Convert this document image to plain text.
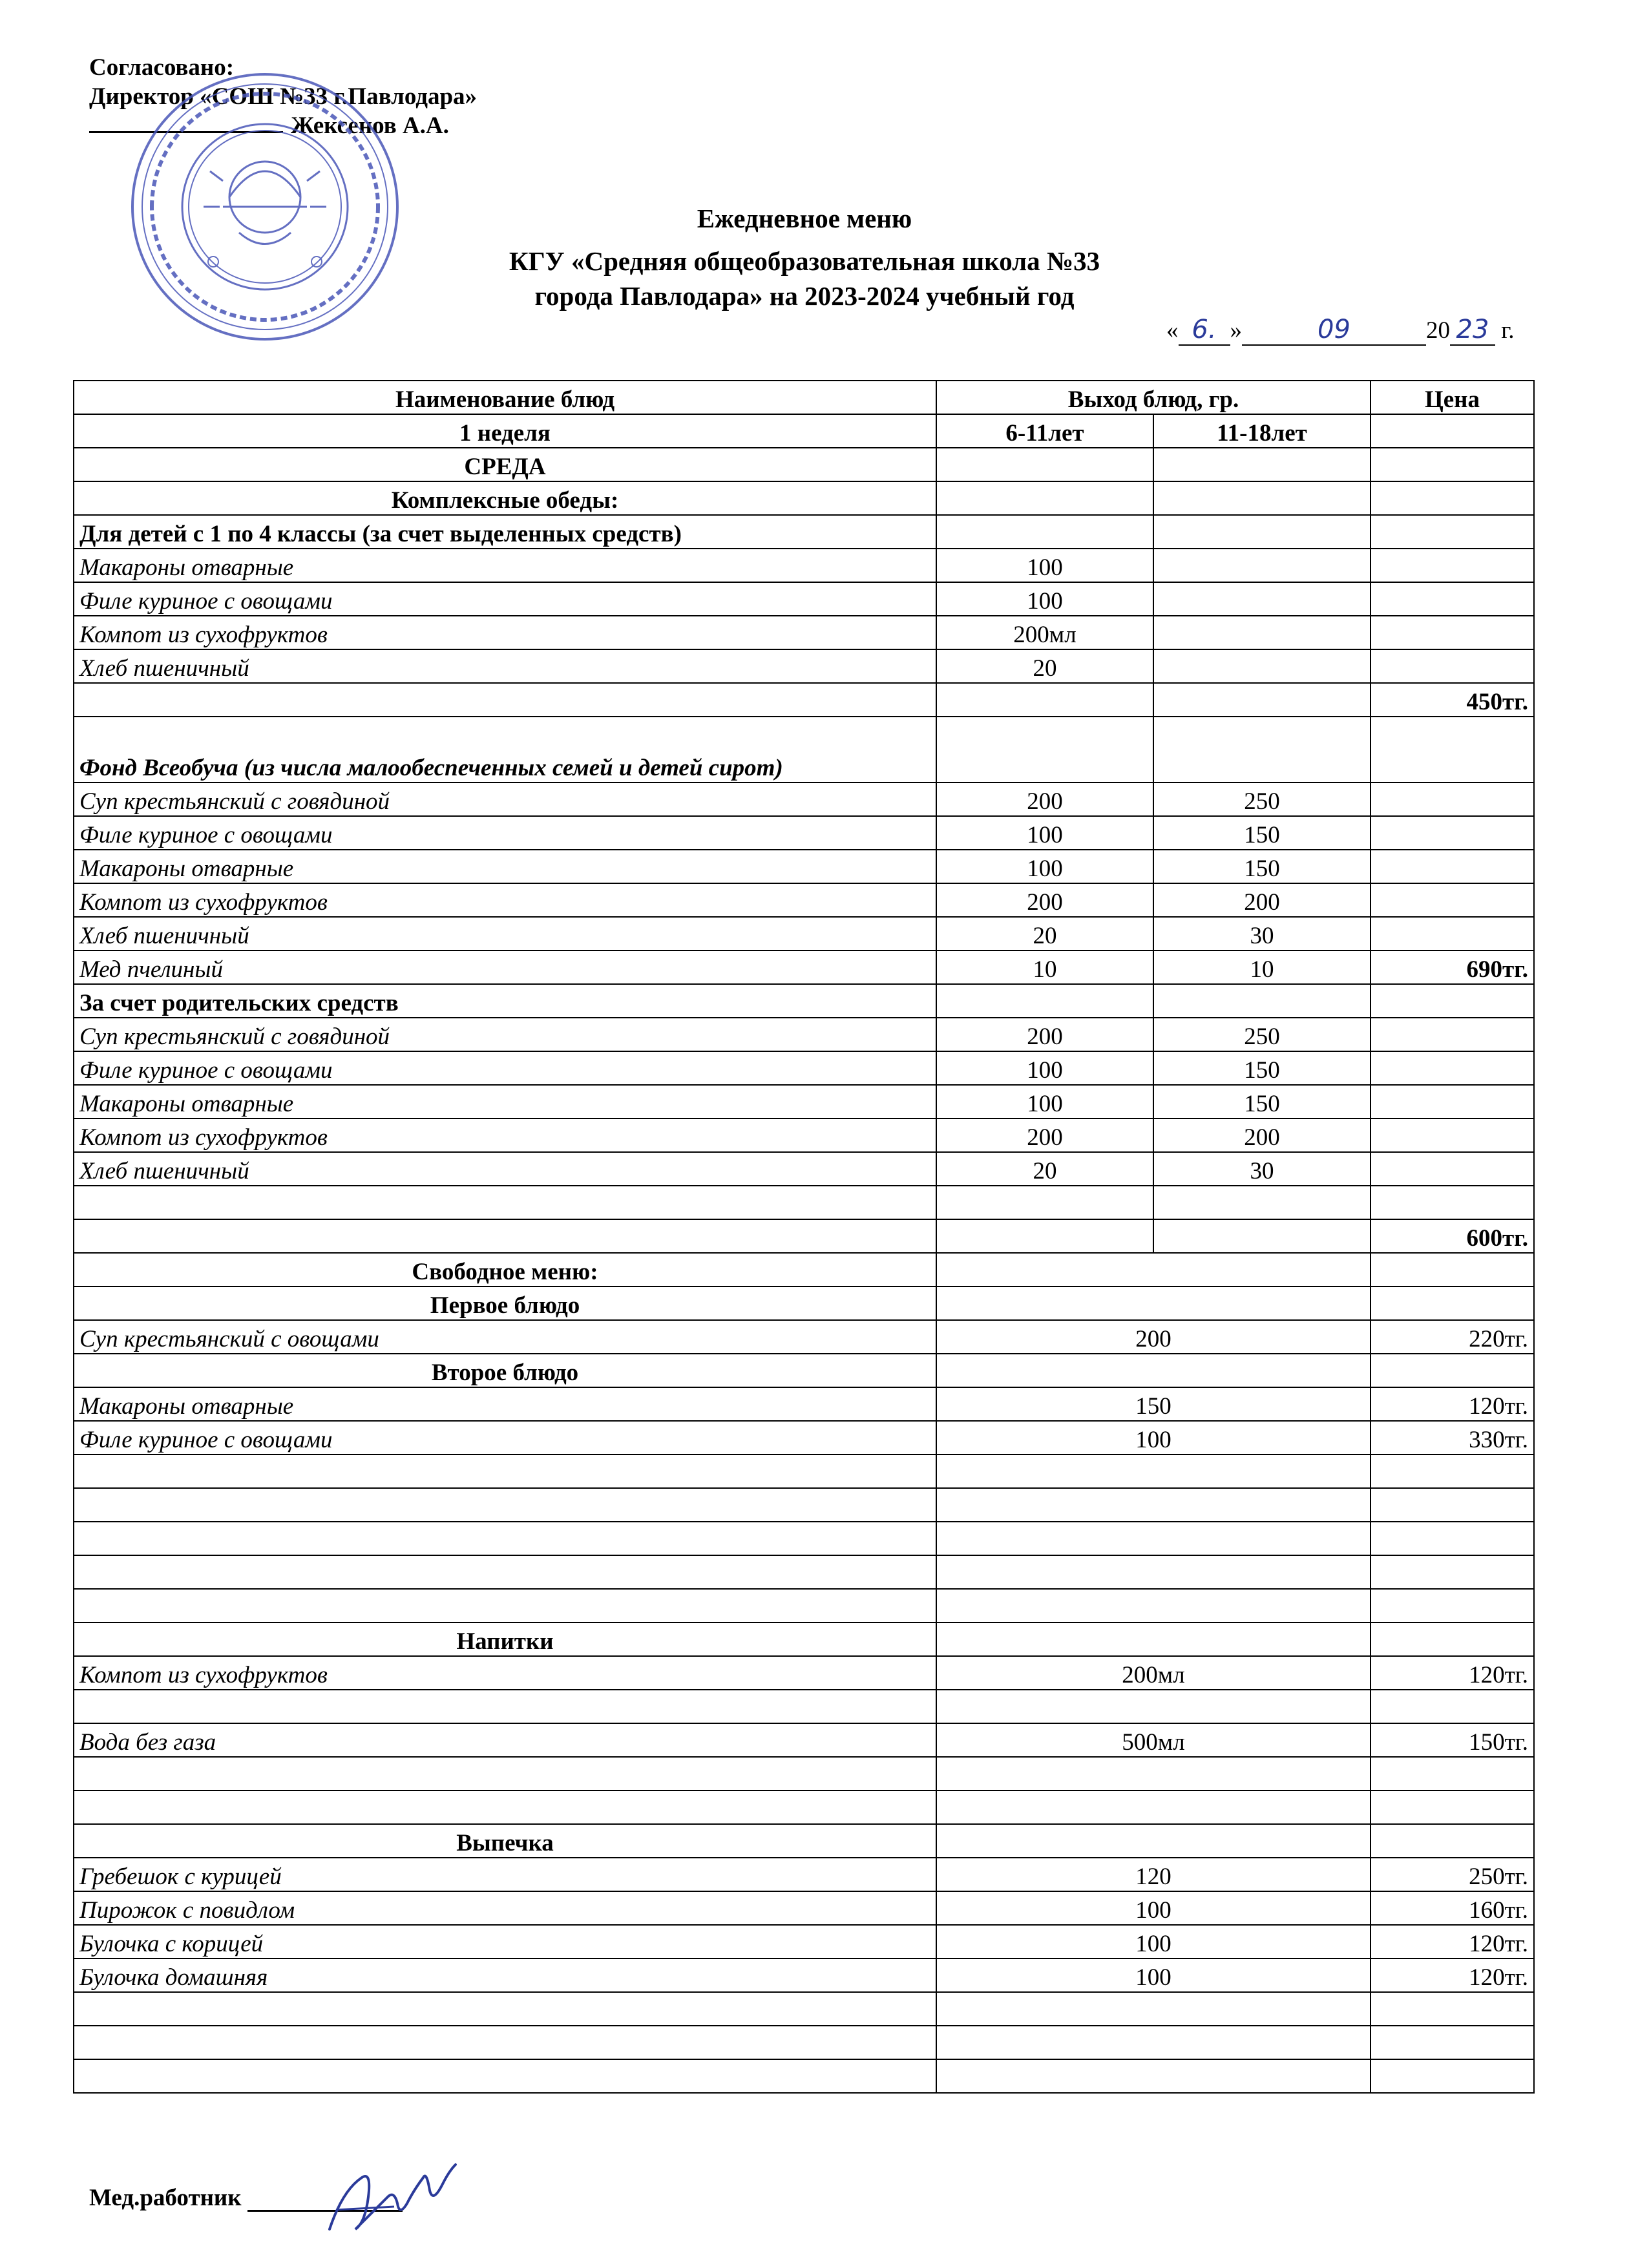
Согласовано:
Директор «СОШ №33 г.Павлодара»
Жексенов А.А.
Ежедневное меню
КГУ «Средняя общеобразовательная школа №33
города Павлодара» на 2023-2024 учебный год
« 6. »	09	20 23 г.
Наименование блюд	Выход блюд, гр.		Цена
1 неделя	6-11лет	11-18лет	
СРЕДА			
Комплексные обеды:			
Для детей с 1 по 4 классы (за счет выделенных средств)			
Макароны отварные	100		
Филе куриное с овощами	100		
Компот из сухофруктов	200мл		
Хлеб пшеничный	20		
			450тг.
Фонд Всеобуча (из числа малообеспеченных семей и детей сирот)			
Суп крестьянский с говядиной	200	250	
Филе куриное с овощами	100	150	
Макароны отварные	100	150	
Компот из сухофруктов	200	200	
Хлеб пшеничный	20	30	
Мед пчелиный	10	10	690тг.
За счет родительских средств			
Суп крестьянский с говядиной	200	250	
Филе куриное с овощами	100	150	
Макароны отварные	100	150	
Компот из сухофруктов	200	200	
Хлеб пшеничный	20	30	

			600тг.
Свободное меню:			
Первое блюдо			
Суп крестьянский с овощами	200		220тг.
Второе блюдо			
Макароны отварные	150		120тг.
Филе куриное с овощами	100		330тг.

Напитки			
Компот из сухофруктов	200мл		120тг.

Вода без газа	500мл		150тг.

Выпечка			
Гребешок с курицей	120		250тг.
Пирожок с повидлом	100		160тг.
Булочка с корицей	100		120тг.
Булочка домашняя	100		120тг.

Мед.работник
